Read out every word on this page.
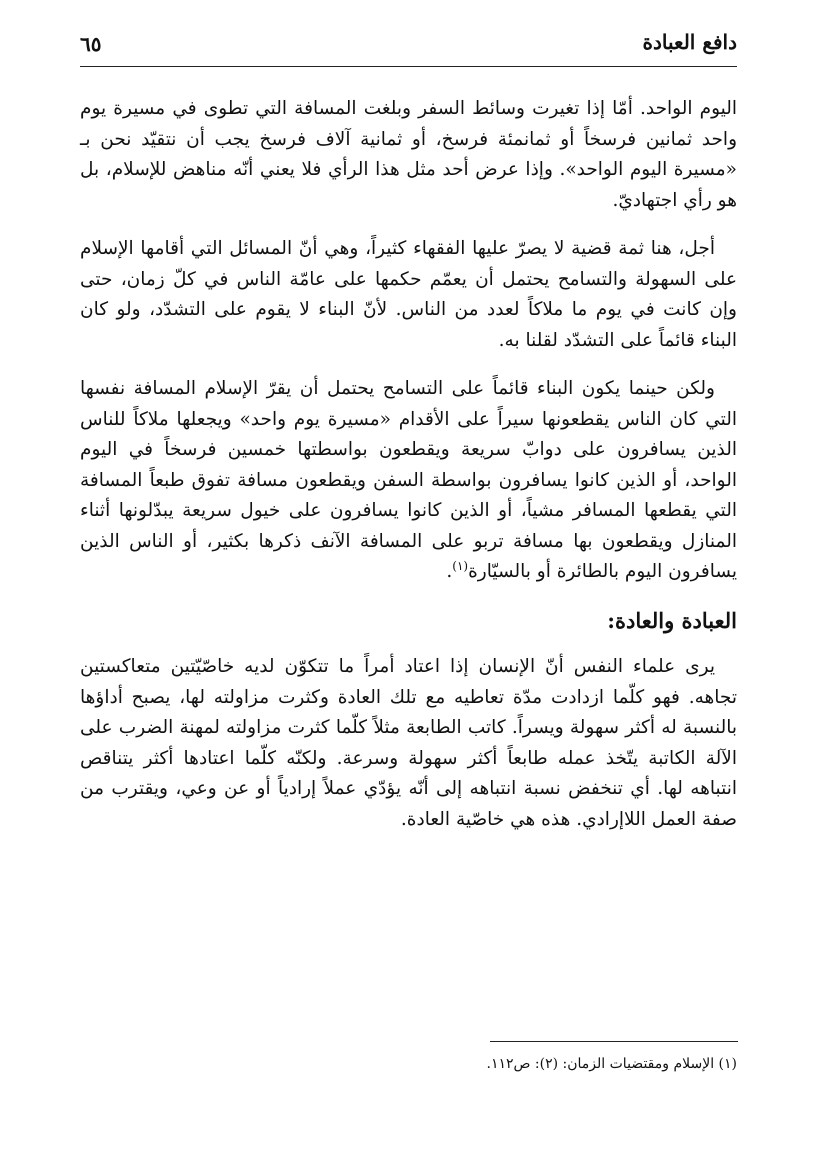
دافع العبادة
٦٥

اليوم الواحد. أمّا إذا تغيرت وسائط السفر وبلغت المسافة التي تطوى في مسيرة يوم واحد ثمانين فرسخاً أو ثمانمئة فرسخ، أو ثمانية آلاف فرسخ يجب أن نتقيّد نحن بـ «مسيرة اليوم الواحد». وإذا عرض أحد مثل هذا الرأي فلا يعني أنّه مناهض للإسلام، بل هو رأي اجتهاديّ.

أجل، هنا ثمة قضية لا يصرّ عليها الفقهاء كثيراً، وهي أنّ المسائل التي أقامها الإسلام على السهولة والتسامح يحتمل أن يعمّم حكمها على عامّة الناس في كلّ زمان، حتى وإن كانت في يوم ما ملاكاً لعدد من الناس. لأنّ البناء لا يقوم على التشدّد، ولو كان البناء قائماً على التشدّد لقلنا به.

ولكن حينما يكون البناء قائماً على التسامح يحتمل أن يقرّ الإسلام المسافة نفسها التي كان الناس يقطعونها سيراً على الأقدام «مسيرة يوم واحد» ويجعلها ملاكاً للناس الذين يسافرون على دوابّ سريعة ويقطعون بواسطتها خمسين فرسخاً في اليوم الواحد، أو الذين كانوا يسافرون بواسطة السفن ويقطعون مسافة تفوق طبعاً المسافة التي يقطعها المسافر مشياً، أو الذين كانوا يسافرون على خيول سريعة يبدّلونها أثناء المنازل ويقطعون بها مسافة تربو على المسافة الآنف ذكرها بكثير، أو الناس الذين يسافرون اليوم بالطائرة أو بالسيّارة$^{(١)}$.

العبادة والعادة:

يرى علماء النفس أنّ الإنسان إذا اعتاد أمراً ما تتكوّن لديه خاصّيّتين متعاكستين تجاهه. فهو كلّما ازدادت مدّة تعاطيه مع تلك العادة وكثرت مزاولته لها، يصبح أداؤها بالنسبة له أكثر سهولة ويسراً. كاتب الطابعة مثلاً كلّما كثرت مزاولته لمهنة الضرب على الآلة الكاتبة يتّخذ عمله طابعاً أكثر سهولة وسرعة. ولكنّه كلّما اعتادها أكثر يتناقص انتباهه لها. أي تنخفض نسبة انتباهه إلى أنّه يؤدّي عملاً إرادياً أو عن وعي، ويقترب من صفة العمل اللاإرادي. هذه هي خاصّية العادة.

(١) الإسلام ومقتضيات الزمان: (٢): ص١١٢.
